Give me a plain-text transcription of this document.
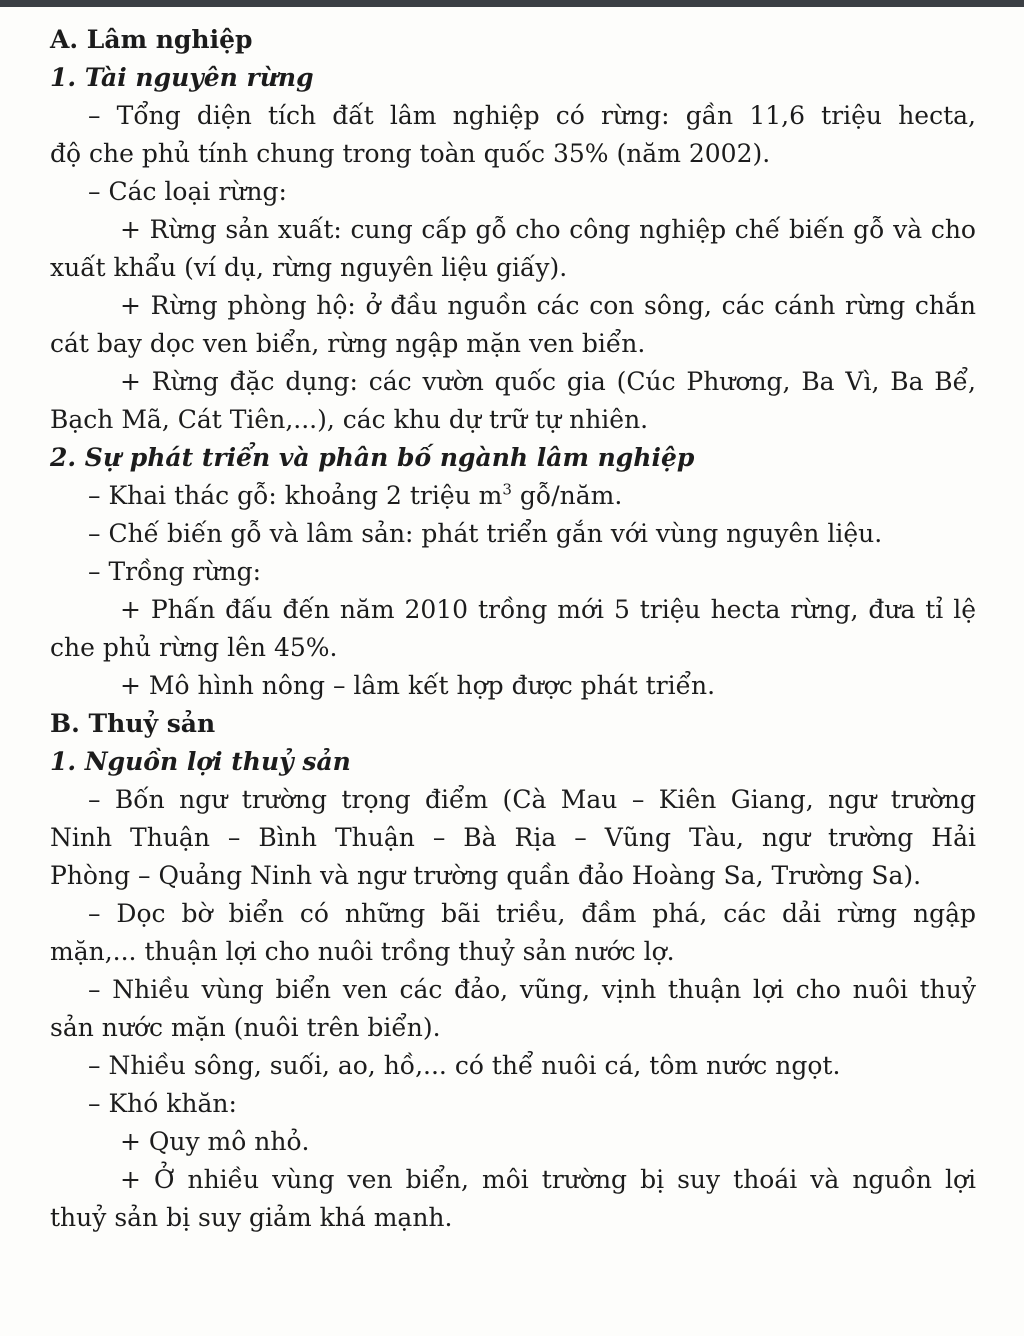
A. Lâm nghiệp

1. Tài nguyên rừng

– Tổng diện tích đất lâm nghiệp có rừng: gần 11,6 triệu hecta,

độ che phủ tính chung trong toàn quốc 35% (năm 2002).

– Các loại rừng:

+ Rừng sản xuất: cung cấp gỗ cho công nghiệp chế biến gỗ và cho

xuất khẩu (ví dụ, rừng nguyên liệu giấy).

+ Rừng phòng hộ: ở đầu nguồn các con sông, các cánh rừng chắn

cát bay dọc ven biển, rừng ngập mặn ven biển.

+ Rừng đặc dụng: các vườn quốc gia (Cúc Phương, Ba Vì, Ba Bể,

Bạch Mã, Cát Tiên,...), các khu dự trữ tự nhiên.

2. Sự phát triển và phân bố ngành lâm nghiệp

– Khai thác gỗ: khoảng 2 triệu $m^3$ gỗ/năm.

– Chế biến gỗ và lâm sản: phát triển gắn với vùng nguyên liệu.

– Trồng rừng:

+ Phấn đấu đến năm 2010 trồng mới 5 triệu hecta rừng, đưa tỉ lệ

che phủ rừng lên 45%.

+ Mô hình nông – lâm kết hợp được phát triển.

B. Thuỷ sản

1. Nguồn lợi thuỷ sản

– Bốn ngư trường trọng điểm (Cà Mau – Kiên Giang, ngư trường

Ninh Thuận – Bình Thuận – Bà Rịa – Vũng Tàu, ngư trường Hải

Phòng – Quảng Ninh và ngư trường quần đảo Hoàng Sa, Trường Sa).

– Dọc bờ biển có những bãi triều, đầm phá, các dải rừng ngập

mặn,... thuận lợi cho nuôi trồng thuỷ sản nước lợ.

– Nhiều vùng biển ven các đảo, vũng, vịnh thuận lợi cho nuôi thuỷ

sản nước mặn (nuôi trên biển).

– Nhiều sông, suối, ao, hồ,... có thể nuôi cá, tôm nước ngọt.

– Khó khăn:

+ Quy mô nhỏ.

+ Ở nhiều vùng ven biển, môi trường bị suy thoái và nguồn lợi

thuỷ sản bị suy giảm khá mạnh.
